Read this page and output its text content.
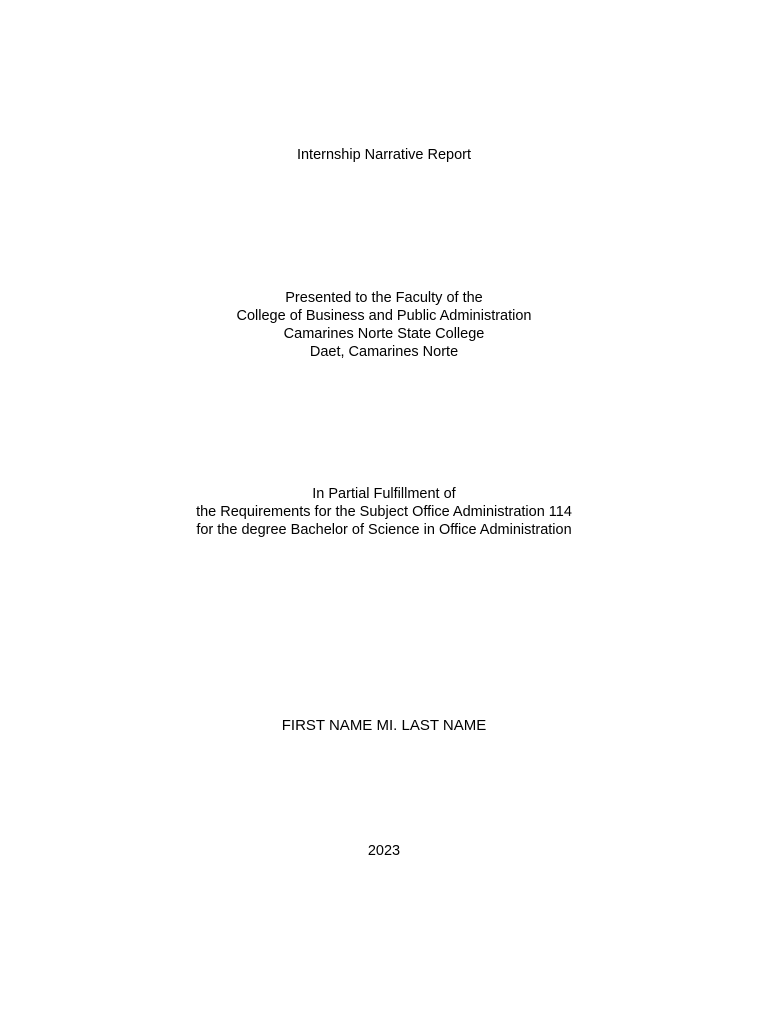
Internship Narrative Report
Presented to the Faculty of the
College of Business and Public Administration
Camarines Norte State College
Daet, Camarines Norte
In Partial Fulfillment of
the Requirements for the Subject Office Administration 114
for the degree Bachelor of Science in Office Administration
FIRST NAME MI. LAST NAME
2023
